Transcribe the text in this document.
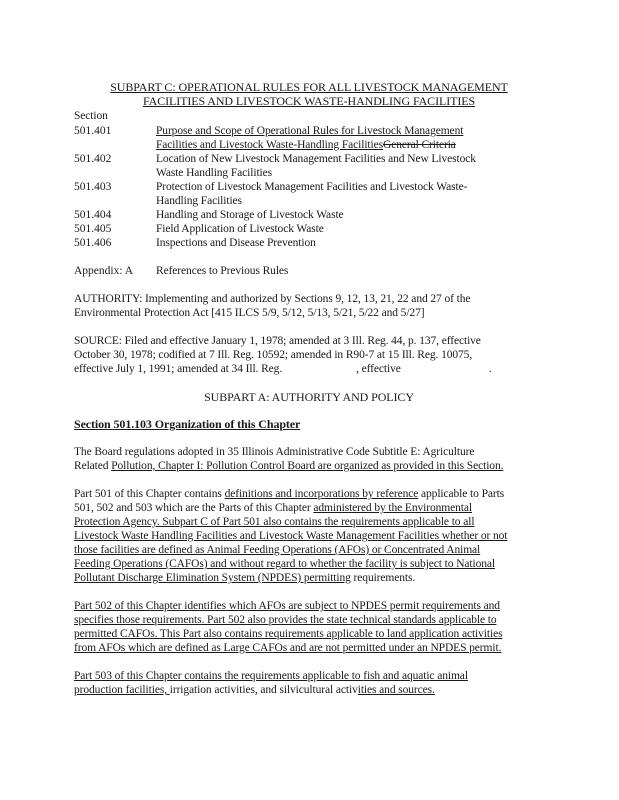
SUBPART C: OPERATIONAL RULES FOR ALL LIVESTOCK MANAGEMENT
FACILITIES AND LIVESTOCK WASTE-HANDLING FACILITIES
Section
501.401	Purpose and Scope of Operational Rules for Livestock Management
Facilities and Livestock Waste-Handling FacilitiesGeneral Criteria
501.402	Location of New Livestock Management Facilities and New Livestock
Waste Handling Facilities
501.403	Protection of Livestock Management Facilities and Livestock Waste-
Handling Facilities
501.404	Handling and Storage of Livestock Waste
501.405	Field Application of Livestock Waste
501.406	Inspections and Disease Prevention
Appendix: A References to Previous Rules
AUTHORITY: Implementing and authorized by Sections 9, 12, 13, 21, 22 and 27 of the
Environmental Protection Act [415 ILCS 5/9, 5/12, 5/13, 5/21, 5/22 and 5/27]
SOURCE: Filed and effective January 1, 1978; amended at 3 Ill. Reg. 44, p. 137, effective
October 30, 1978; codified at 7 Ill. Reg. 10592; amended in R90-7 at 15 Ill. Reg. 10075,
effective July 1, 1991; amended at 34 Ill. Reg.	, effective	.
SUBPART A: AUTHORITY AND POLICY
Section 501.103 Organization of this Chapter
The Board regulations adopted in 35 Illinois Administrative Code Subtitle E: Agriculture
Related Pollution, Chapter I: Pollution Control Board are organized as provided in this Section.
Part 501 of this Chapter contains definitions and incorporations by reference applicable to Parts
501, 502 and 503 which are the Parts of this Chapter administered by the Environmental
Protection Agency. Subpart C of Part 501 also contains the requirements applicable to all
Livestock Waste Handling Facilities and Livestock Waste Management Facilities whether or not
those facilities are defined as Animal Feeding Operations (AFOs) or Concentrated Animal
Feeding Operations (CAFOs) and without regard to whether the facility is subject to National
Pollutant Discharge Elimination System (NPDES) permitting requirements.
Part 502 of this Chapter identifies which AFOs are subject to NPDES permit requirements and
specifies those requirements. Part 502 also provides the state technical standards applicable to
permitted CAFOs. This Part also contains requirements applicable to land application activities
from AFOs which are defined as Large CAFOs and are not permitted under an NPDES permit.
Part 503 of this Chapter contains the requirements applicable to fish and aquatic animal
production facilities, irrigation activities, and silvicultural activities and sources.
